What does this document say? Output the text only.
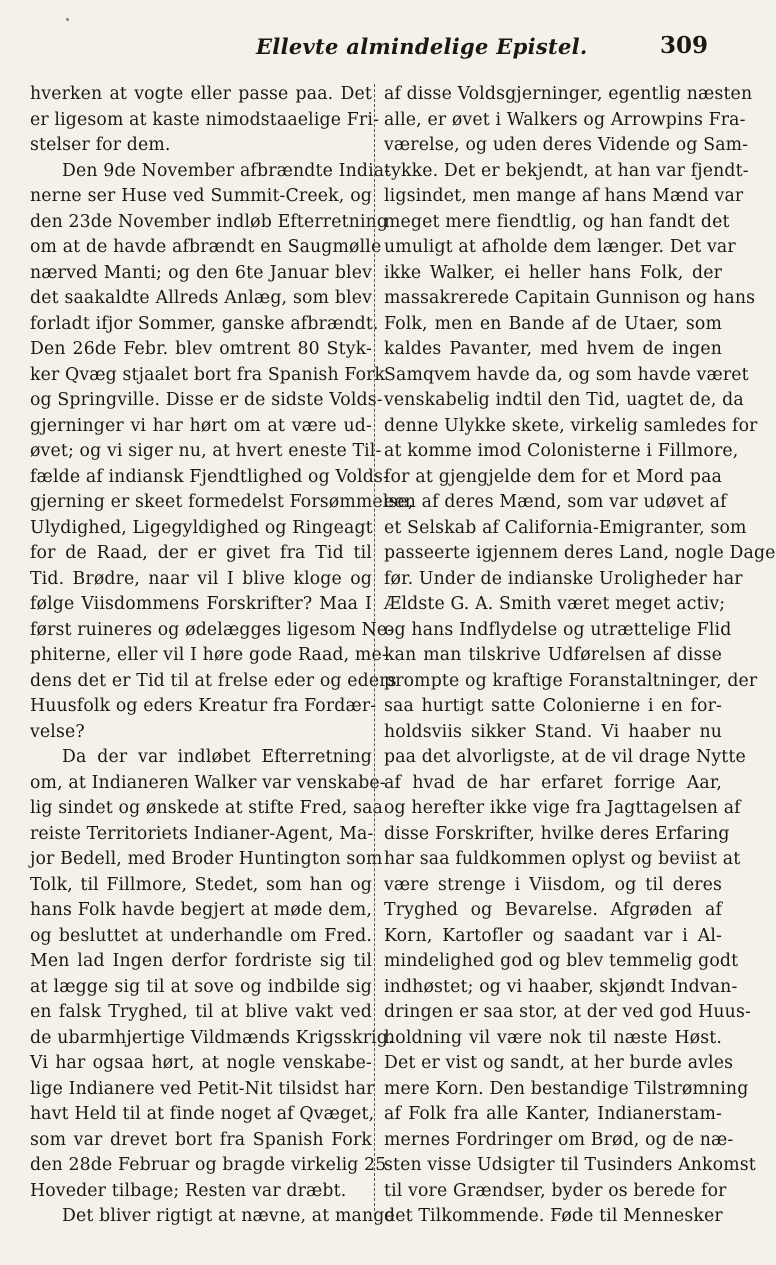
Ellevte almindelige Epistel.	309
hverken at vogte eller passe paa. Det
er ligesom at kaste nimodstaaelige Fri-
stelser for dem.
Den 9de November afbrændte India-
nerne ser Huse ved Summit-Creek, og
den 23de November indløb Efterretning
om at de havde afbrændt en Saugmølle
nærved Manti; og den 6te Januar blev
det saakaldte Allreds Anlæg, som blev
forladt ifjor Sommer, ganske afbrændt.
Den 26de Febr. blev omtrent 80 Styk-
ker Qvæg stjaalet bort fra Spanish Fork
og Springville. Disse er de sidste Volds-
gjerninger vi har hørt om at være ud-
øvet; og vi siger nu, at hvert eneste Til-
fælde af indiansk Fjendtlighed og Volds-
gjerning er skeet formedelst Forsømmelse,
Ulydighed, Ligegyldighed og Ringeagt
for de Raad, der er givet fra Tid til
Tid. Brødre, naar vil I blive kloge og
følge Viisdommens Forskrifter? Maa I
først ruineres og ødelægges ligesom Ne-
phiterne, eller vil I høre gode Raad, me-
dens det er Tid til at frelse eder og eders
Huusfolk og eders Kreatur fra Fordær-
velse?
Da der var indløbet Efterretning
om, at Indianeren Walker var venskabe-
lig sindet og ønskede at stifte Fred, saa
reiste Territoriets Indianer-Agent, Ma-
jor Bedell, med Broder Huntington som
Tolk, til Fillmore, Stedet, som han og
hans Folk havde begjert at møde dem,
og besluttet at underhandle om Fred.
Men lad Ingen derfor fordriste sig til
at lægge sig til at sove og indbilde sig
en falsk Tryghed, til at blive vakt ved
de ubarmhjertige Vildmænds Krigsskrig.
Vi har ogsaa hørt, at nogle venskabe-
lige Indianere ved Petit-Nit tilsidst har
havt Held til at finde noget af Qvæget,
som var drevet bort fra Spanish Fork
den 28de Februar og bragde virkelig 25
Hoveder tilbage; Resten var dræbt.
Det bliver rigtigt at nævne, at mange
af disse Voldsgjerninger, egentlig næsten
alle, er øvet i Walkers og Arrowpins Fra-
værelse, og uden deres Vidende og Sam-
tykke. Det er bekjendt, at han var fjendt-
ligsindet, men mange af hans Mænd var
meget mere fiendtlig, og han fandt det
umuligt at afholde dem længer. Det var
ikke Walker, ei heller hans Folk, der
massakrerede Capitain Gunnison og hans
Folk, men en Bande af de Utaer, som
kaldes Pavanter, med hvem de ingen
Samqvem havde da, og som havde været
venskabelig indtil den Tid, uagtet de, da
denne Ulykke skete, virkelig samledes for
at komme imod Colonisterne i Fillmore,
for at gjengjelde dem for et Mord paa
een af deres Mænd, som var udøvet af
et Selskab af California-Emigranter, som
passeerte igjennem deres Land, nogle Dage
før. Under de indianske Uroligheder har
Ældste G. A. Smith været meget activ;
og hans Indflydelse og utrættelige Flid
kan man tilskrive Udførelsen af disse
prompte og kraftige Foranstaltninger, der
saa hurtigt satte Colonierne i en for-
holdsviis sikker Stand. Vi haaber nu
paa det alvorligste, at de vil drage Nytte
af hvad de har erfaret forrige Aar,
og herefter ikke vige fra Jagttagelsen af
disse Forskrifter, hvilke deres Erfaring
har saa fuldkommen oplyst og beviist at
være strenge i Viisdom, og til deres
Tryghed og Bevarelse. Afgrøden af
Korn, Kartofler og saadant var i Al-
mindelighed god og blev temmelig godt
indhøstet; og vi haaber, skjøndt Indvan-
dringen er saa stor, at der ved god Huus-
holdning vil være nok til næste Høst.
Det er vist og sandt, at her burde avles
mere Korn. Den bestandige Tilstrømning
af Folk fra alle Kanter, Indianerstam-
mernes Fordringer om Brød, og de næ-
sten visse Udsigter til Tusinders Ankomst
til vore Grændser, byder os berede for
det Tilkommende. Føde til Mennesker
